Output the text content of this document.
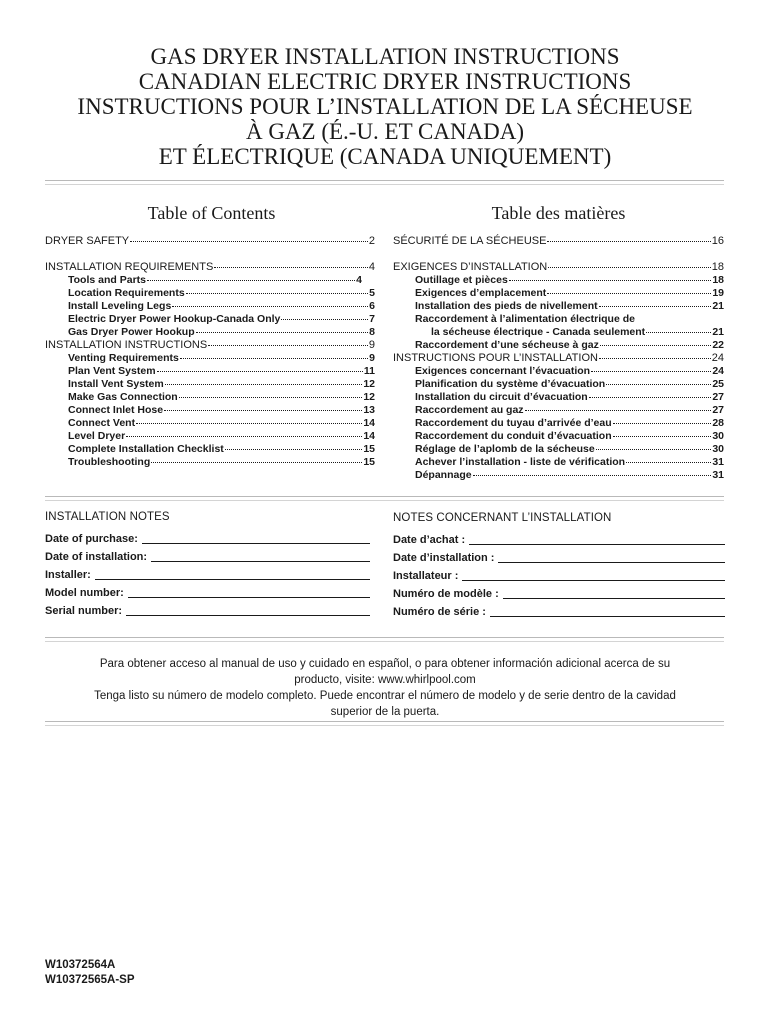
GAS DRYER INSTALLATION INSTRUCTIONS
CANADIAN ELECTRIC DRYER INSTRUCTIONS
INSTRUCTIONS POUR L’INSTALLATION DE LA SÉCHEUSE
À GAZ (É.-U. ET CANADA)
ET ÉLECTRIQUE (CANADA UNIQUEMENT)
Table of Contents	Table des matières
DRYER SAFETY	2
INSTALLATION REQUIREMENTS	4
Tools and Parts	4
Location Requirements	5
Install Leveling Legs	6
Electric Dryer Power Hookup-Canada Only	7
Gas Dryer Power Hookup	8
INSTALLATION INSTRUCTIONS	9
Venting Requirements	9
Plan Vent System	11
Install Vent System	12
Make Gas Connection	12
Connect Inlet Hose	13
Connect Vent	14
Level Dryer	14
Complete Installation Checklist	15
Troubleshooting	15
SÉCURITÉ DE LA SÉCHEUSE	16
EXIGENCES D’INSTALLATION	18
Outillage et pièces	18
Exigences d’emplacement	19
Installation des pieds de nivellement	21
Raccordement à l’alimentation électrique de
la sécheuse électrique - Canada seulement	21
Raccordement d’une sécheuse à gaz	22
INSTRUCTIONS POUR L’INSTALLATION	24
Exigences concernant l’évacuation	24
Planification du système d’évacuation	25
Installation du circuit d’évacuation	27
Raccordement au gaz	27
Raccordement du tuyau d’arrivée d’eau	28
Raccordement du conduit d’évacuation	30
Réglage de l’aplomb de la sécheuse	30
Achever l’installation - liste de vérification	31
Dépannage	31
INSTALLATION NOTES	NOTES CONCERNANT L’INSTALLATION
Date of purchase:
Date of installation:
Installer:
Model number:
Serial number:
Date d’achat :
Date d’installation :
Installateur :
Numéro de modèle :
Numéro de série :
Para obtener acceso al manual de uso y cuidado en español, o para obtener información adicional acerca de su
producto, visite: www.whirlpool.com
Tenga listo su número de modelo completo. Puede encontrar el número de modelo y de serie dentro de la cavidad
superior de la puerta.
W10372564A
W10372565A-SP
